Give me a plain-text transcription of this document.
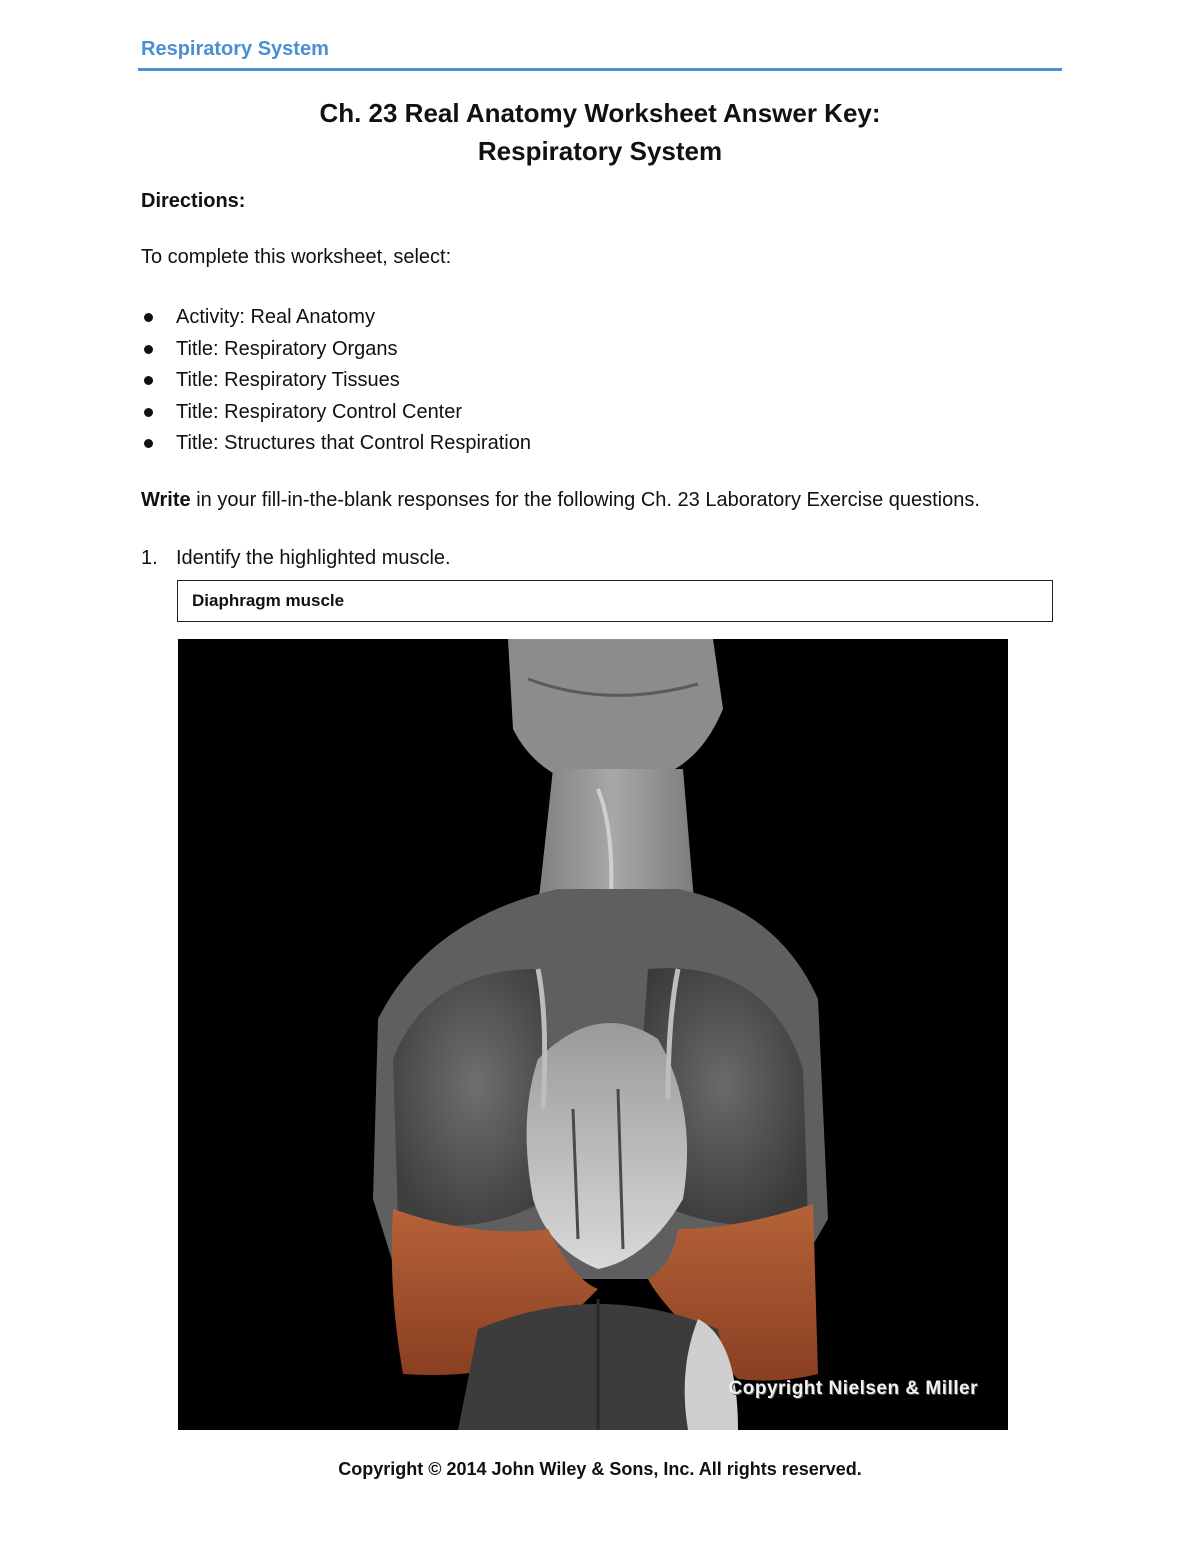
Respiratory System
Ch. 23 Real Anatomy Worksheet Answer Key:
Respiratory System
Directions:
To complete this worksheet, select:
Activity: Real Anatomy
Title: Respiratory Organs
Title: Respiratory Tissues
Title: Respiratory Control Center
Title: Structures that Control Respiration
Write in your fill-in-the-blank responses for the following Ch. 23 Laboratory Exercise questions.
1. Identify the highlighted muscle.
Diaphragm muscle
Copyright Nielsen & Miller
Copyright © 2014 John Wiley & Sons, Inc. All rights reserved.
